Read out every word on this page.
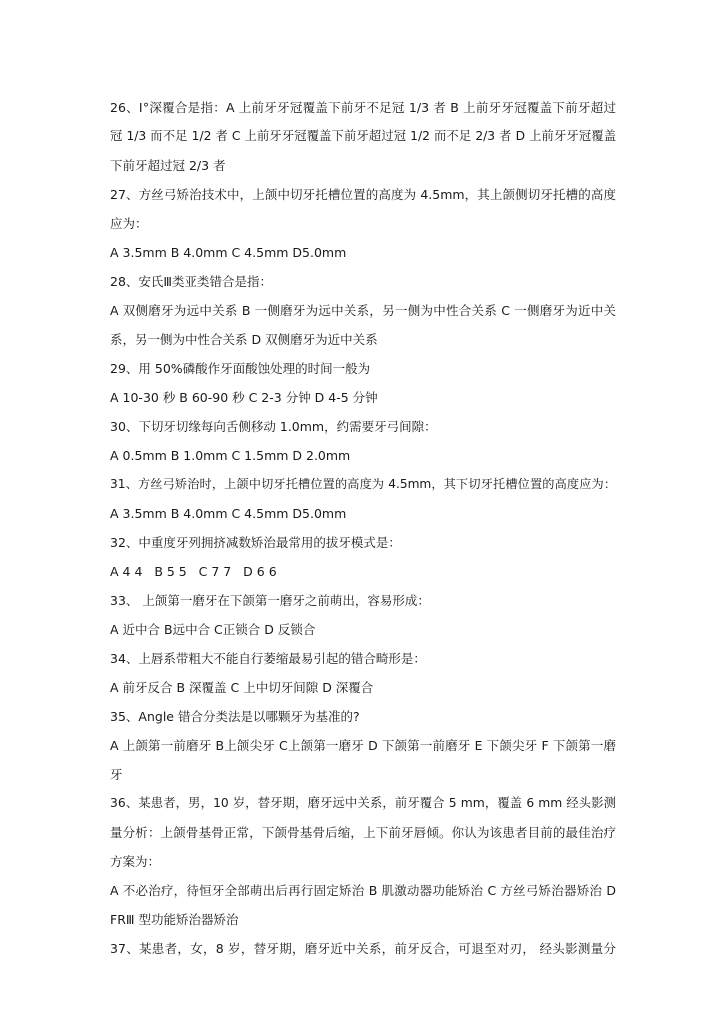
26、Ⅰ°深覆合是指：A 上前牙牙冠覆盖下前牙不足冠 1/3 者 B 上前牙牙冠覆盖下前牙超过
冠 1/3 而不足 1/2 者 C 上前牙牙冠覆盖下前牙超过冠 1/2 而不足 2/3 者 D 上前牙牙冠覆盖
下前牙超过冠 2/3 者
27、方丝弓矫治技术中，上颌中切牙托槽位置的高度为 4.5mm，其上颌侧切牙托槽的高度
应为：
A 3.5mm B 4.0mm C 4.5mm D5.0mm
28、安氏Ⅲ类亚类错合是指：
A 双侧磨牙为远中关系 B 一侧磨牙为远中关系，另一侧为中性合关系 C 一侧磨牙为近中关
系，另一侧为中性合关系 D 双侧磨牙为近中关系
29、用 50%磷酸作牙面酸蚀处理的时间一般为
A 10-30 秒 B 60-90 秒 C 2-3 分钟 D 4-5 分钟
30、下切牙切缘每向舌侧移动 1.0mm，约需要牙弓间隙：
A 0.5mm B 1.0mm C 1.5mm D 2.0mm
31、方丝弓矫治时，上颌中切牙托槽位置的高度为 4.5mm，其下切牙托槽位置的高度应为：
A 3.5mm B 4.0mm C 4.5mm D5.0mm
32、中重度牙列拥挤减数矫治最常用的拔牙模式是：
A 4 4   B 5 5   C 7 7   D 6 6
33、 上颌第一磨牙在下颌第一磨牙之前萌出，容易形成：
A 近中合 B远中合 C正锁合 D 反锁合
34、上唇系带粗大不能自行萎缩最易引起的错合畸形是：
A 前牙反合 B 深覆盖 C 上中切牙间隙 D 深覆合
35、Angle 错合分类法是以哪颗牙为基准的?
A 上颌第一前磨牙 B上颌尖牙 C上颌第一磨牙 D 下颌第一前磨牙 E 下颌尖牙 F 下颌第一磨
牙
36、某患者，男，10 岁，替牙期，磨牙远中关系，前牙覆合 5 mm，覆盖 6 mm 经头影测
量分析：上颌骨基骨正常，下颌骨基骨后缩，上下前牙唇倾。你认为该患者目前的最佳治疗
方案为：
A 不必治疗，待恒牙全部萌出后再行固定矫治 B 肌激动器功能矫治 C 方丝弓矫治器矫治 D
FRⅢ 型功能矫治器矫治
37、某患者，女，8 岁，替牙期，磨牙近中关系，前牙反合，可退至对刃， 经头影测量分
